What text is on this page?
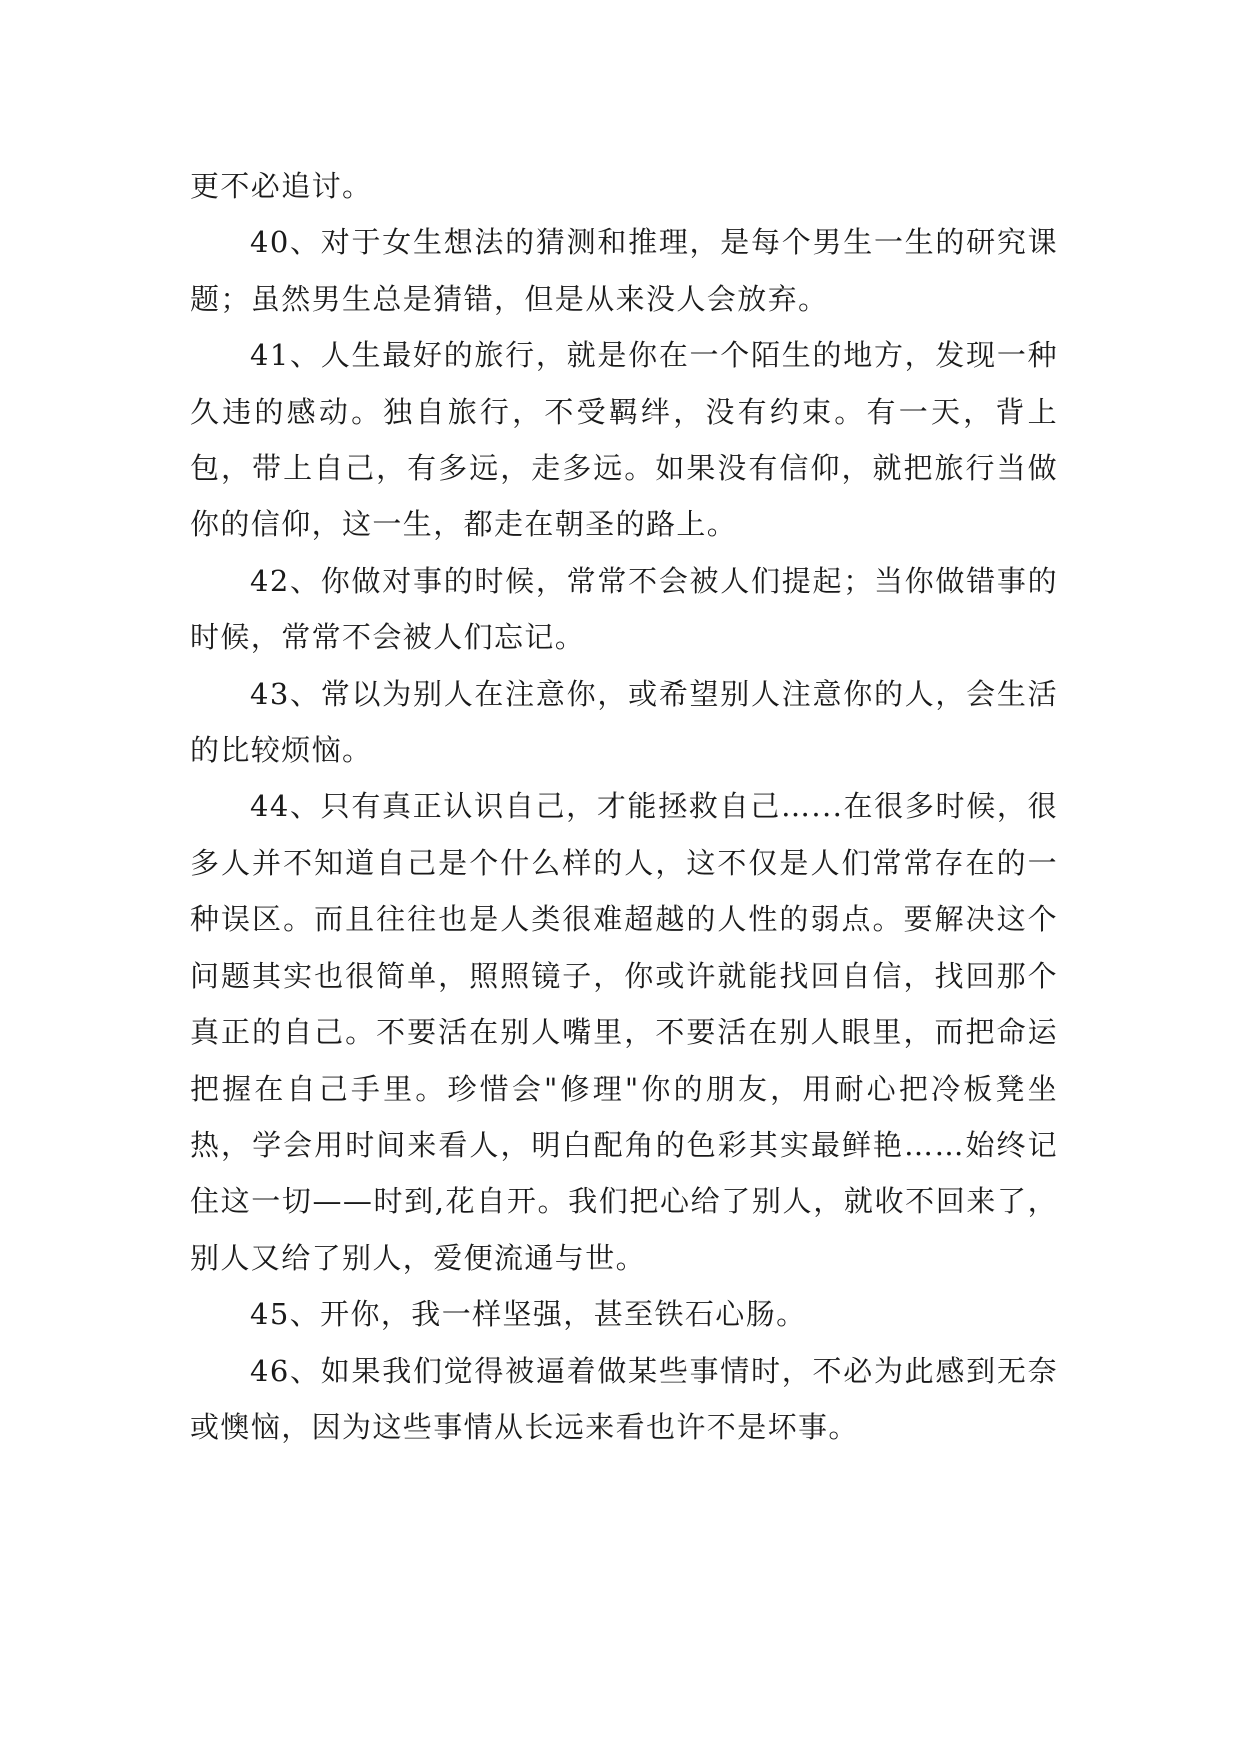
更不必追讨。

40、对于女生想法的猜测和推理，是每个男生一生的研究课题；虽然男生总是猜错，但是从来没人会放弃。

41、人生最好的旅行，就是你在一个陌生的地方，发现一种久违的感动。独自旅行，不受羁绊，没有约束。有一天，背上包，带上自己，有多远，走多远。如果没有信仰，就把旅行当做你的信仰，这一生，都走在朝圣的路上。

42、你做对事的时候，常常不会被人们提起；当你做错事的时候，常常不会被人们忘记。

43、常以为别人在注意你，或希望别人注意你的人，会生活的比较烦恼。

44、只有真正认识自己，才能拯救自己…...在很多时候，很多人并不知道自己是个什么样的人，这不仅是人们常常存在的一种误区。而且往往也是人类很难超越的人性的弱点。要解决这个问题其实也很简单，照照镜子，你或许就能找回自信，找回那个真正的自己。不要活在别人嘴里，不要活在别人眼里，而把命运把握在自己手里。珍惜会"修理"你的朋友，用耐心把冷板凳坐热，学会用时间来看人，明白配角的色彩其实最鲜艳……始终记住这一切——时到,花自开。我们把心给了别人，就收不回来了，别人又给了别人，爱便流通与世。

45、开你，我一样坚强，甚至铁石心肠。

46、如果我们觉得被逼着做某些事情时，不必为此感到无奈或懊恼，因为这些事情从长远来看也许不是坏事。
